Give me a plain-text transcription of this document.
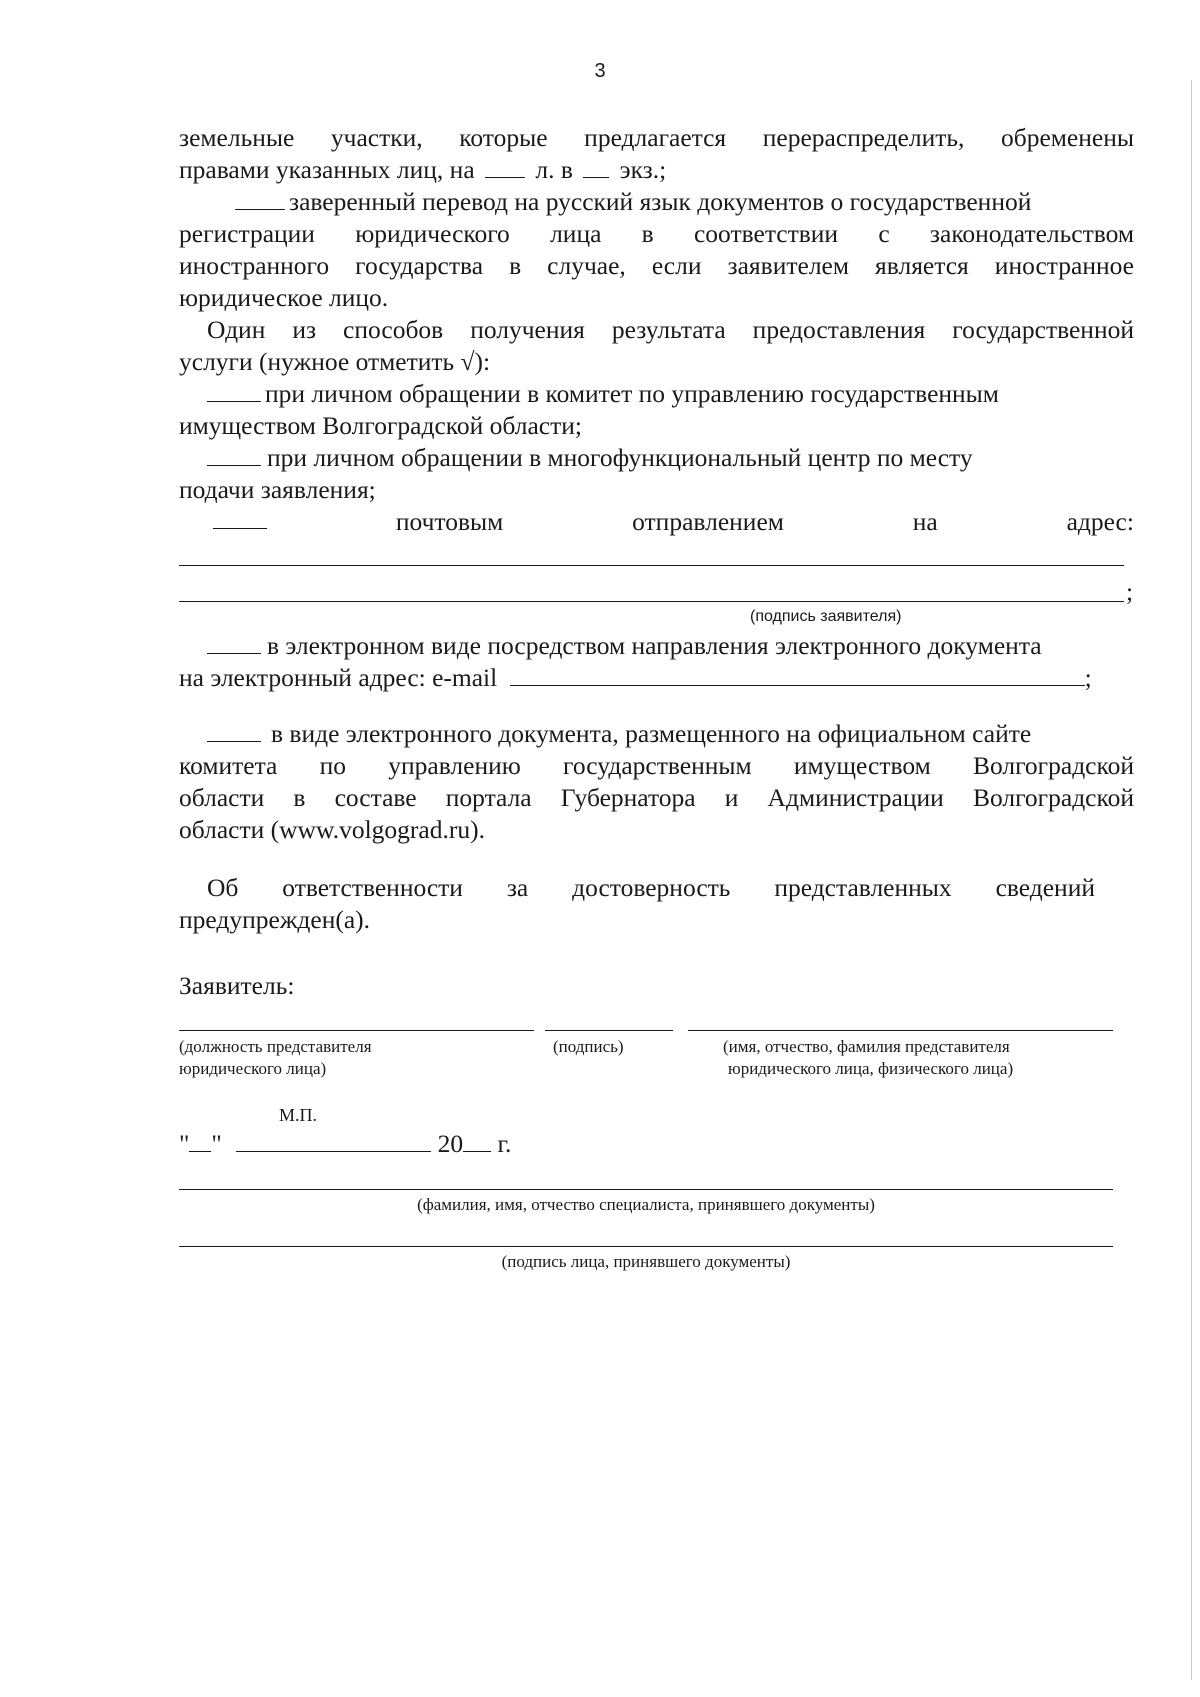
3
земельные участки, которые предлагается перераспределить, обременены
правами указанных лиц, на л. в экз.;
заверенный перевод на русский язык документов о государственной
регистрации юридического лица в соответствии с законодательством
иностранного государства в случае, если заявителем является иностранное
юридическое лицо.
Один из способов получения результата предоставления государственной
услуги (нужное отметить √):
при личном обращении в комитет по управлению государственным
имуществом Волгоградской области;
при личном обращении в многофункциональный центр по месту
подачи заявления;
почтовым	отправлением	на	адрес:
;
(подпись заявителя)
в электронном виде посредством направления электронного документа
на электронный адрес: e-mail	;
в виде электронного документа, размещенного на официальном сайте
комитета по управлению государственным имуществом Волгоградской
области в составе портала Губернатора и Администрации Волгоградской
области (www.volgograd.ru).
Об ответственности за достоверность представленных сведений
предупрежден(а).
Заявитель:
(должность представителя
юридического лица)
(подпись)	(имя, отчество, фамилия представителя
юридического лица, физического лица)
М.П.
" "	20 г.
(фамилия, имя, отчество специалиста, принявшего документы)
(подпись лица, принявшего документы)
